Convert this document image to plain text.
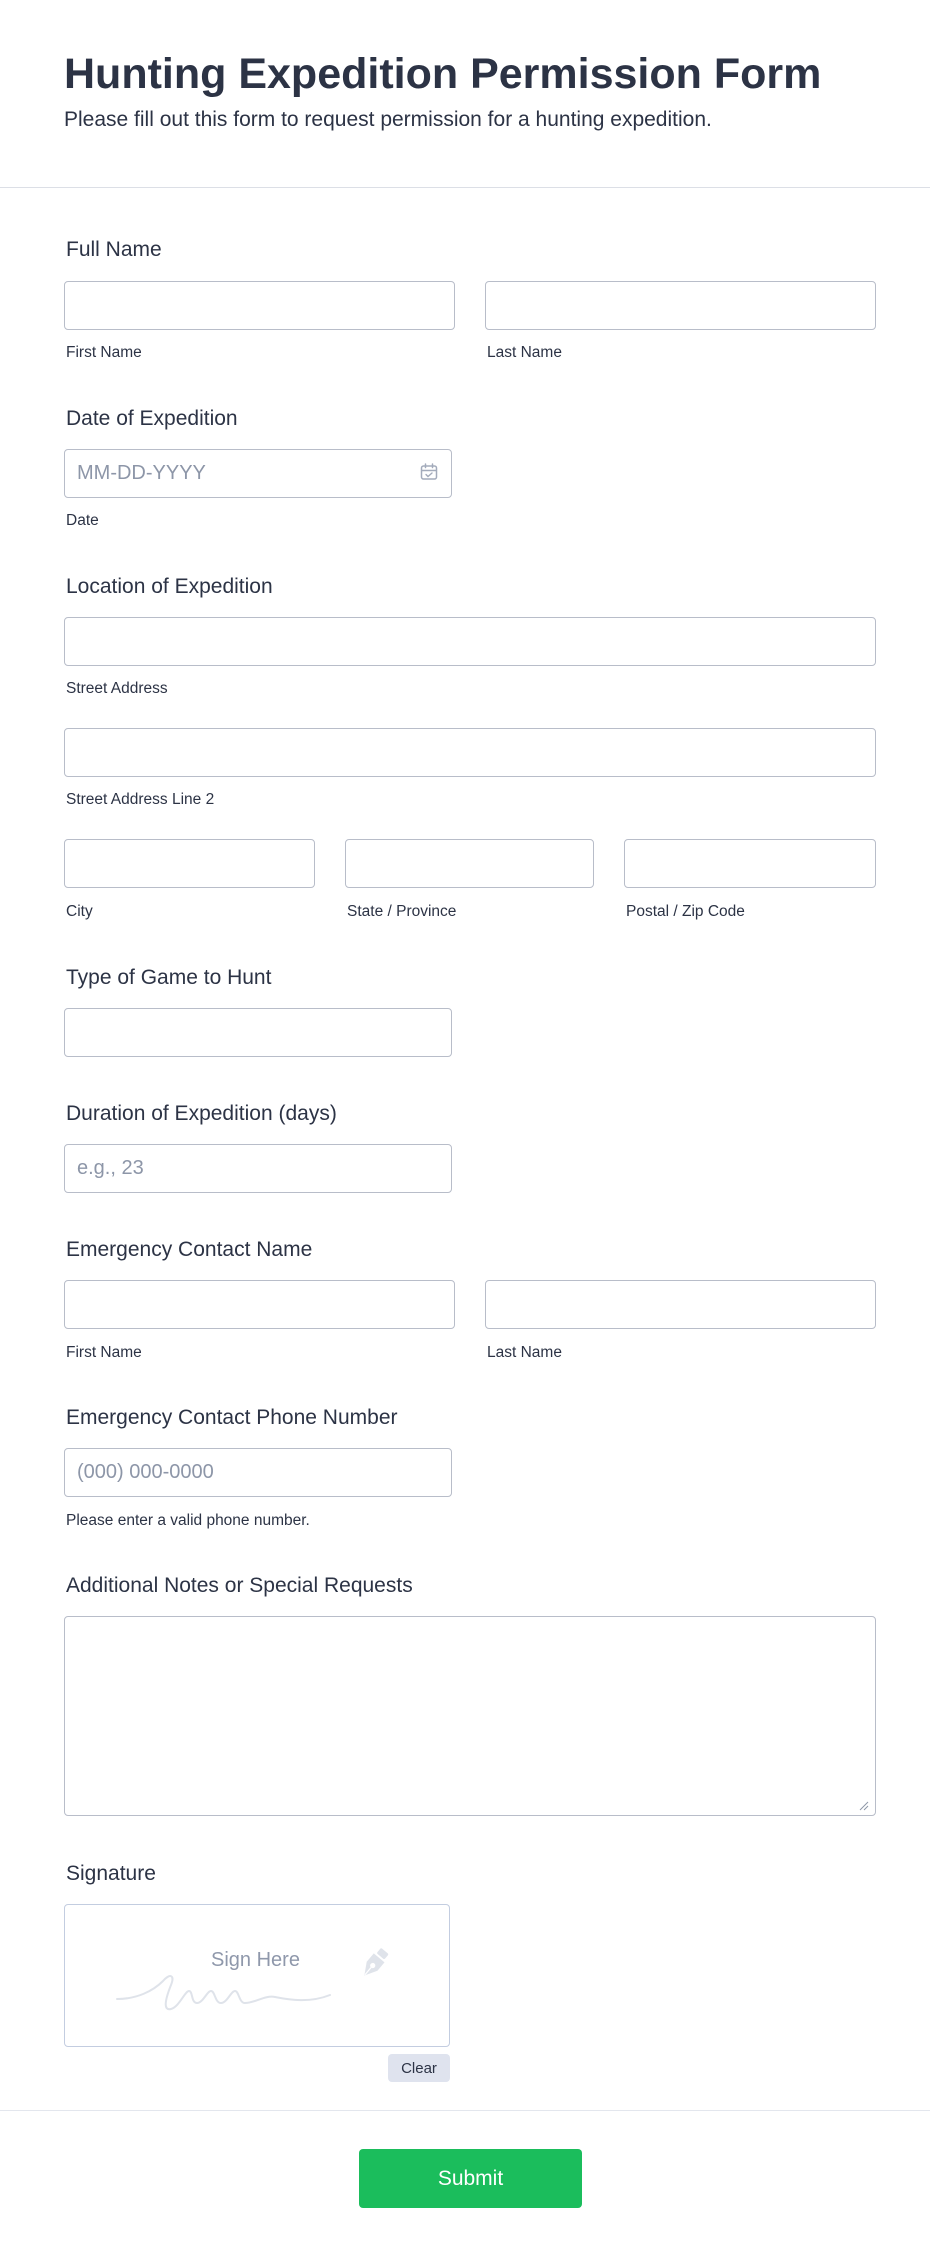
Hunting Expedition Permission Form
Please fill out this form to request permission for a hunting expedition.
Full Name
First Name	Last Name
Date of Expedition
MM-DD-YYYY
Date
Location of Expedition
Street Address
Street Address Line 2
City	State / Province	Postal / Zip Code
Type of Game to Hunt
Duration of Expedition (days)
e.g., 23
Emergency Contact Name
First Name	Last Name
Emergency Contact Phone Number
(000) 000-0000
Please enter a valid phone number.
Additional Notes or Special Requests
Signature
Sign Here
Clear
Submit
